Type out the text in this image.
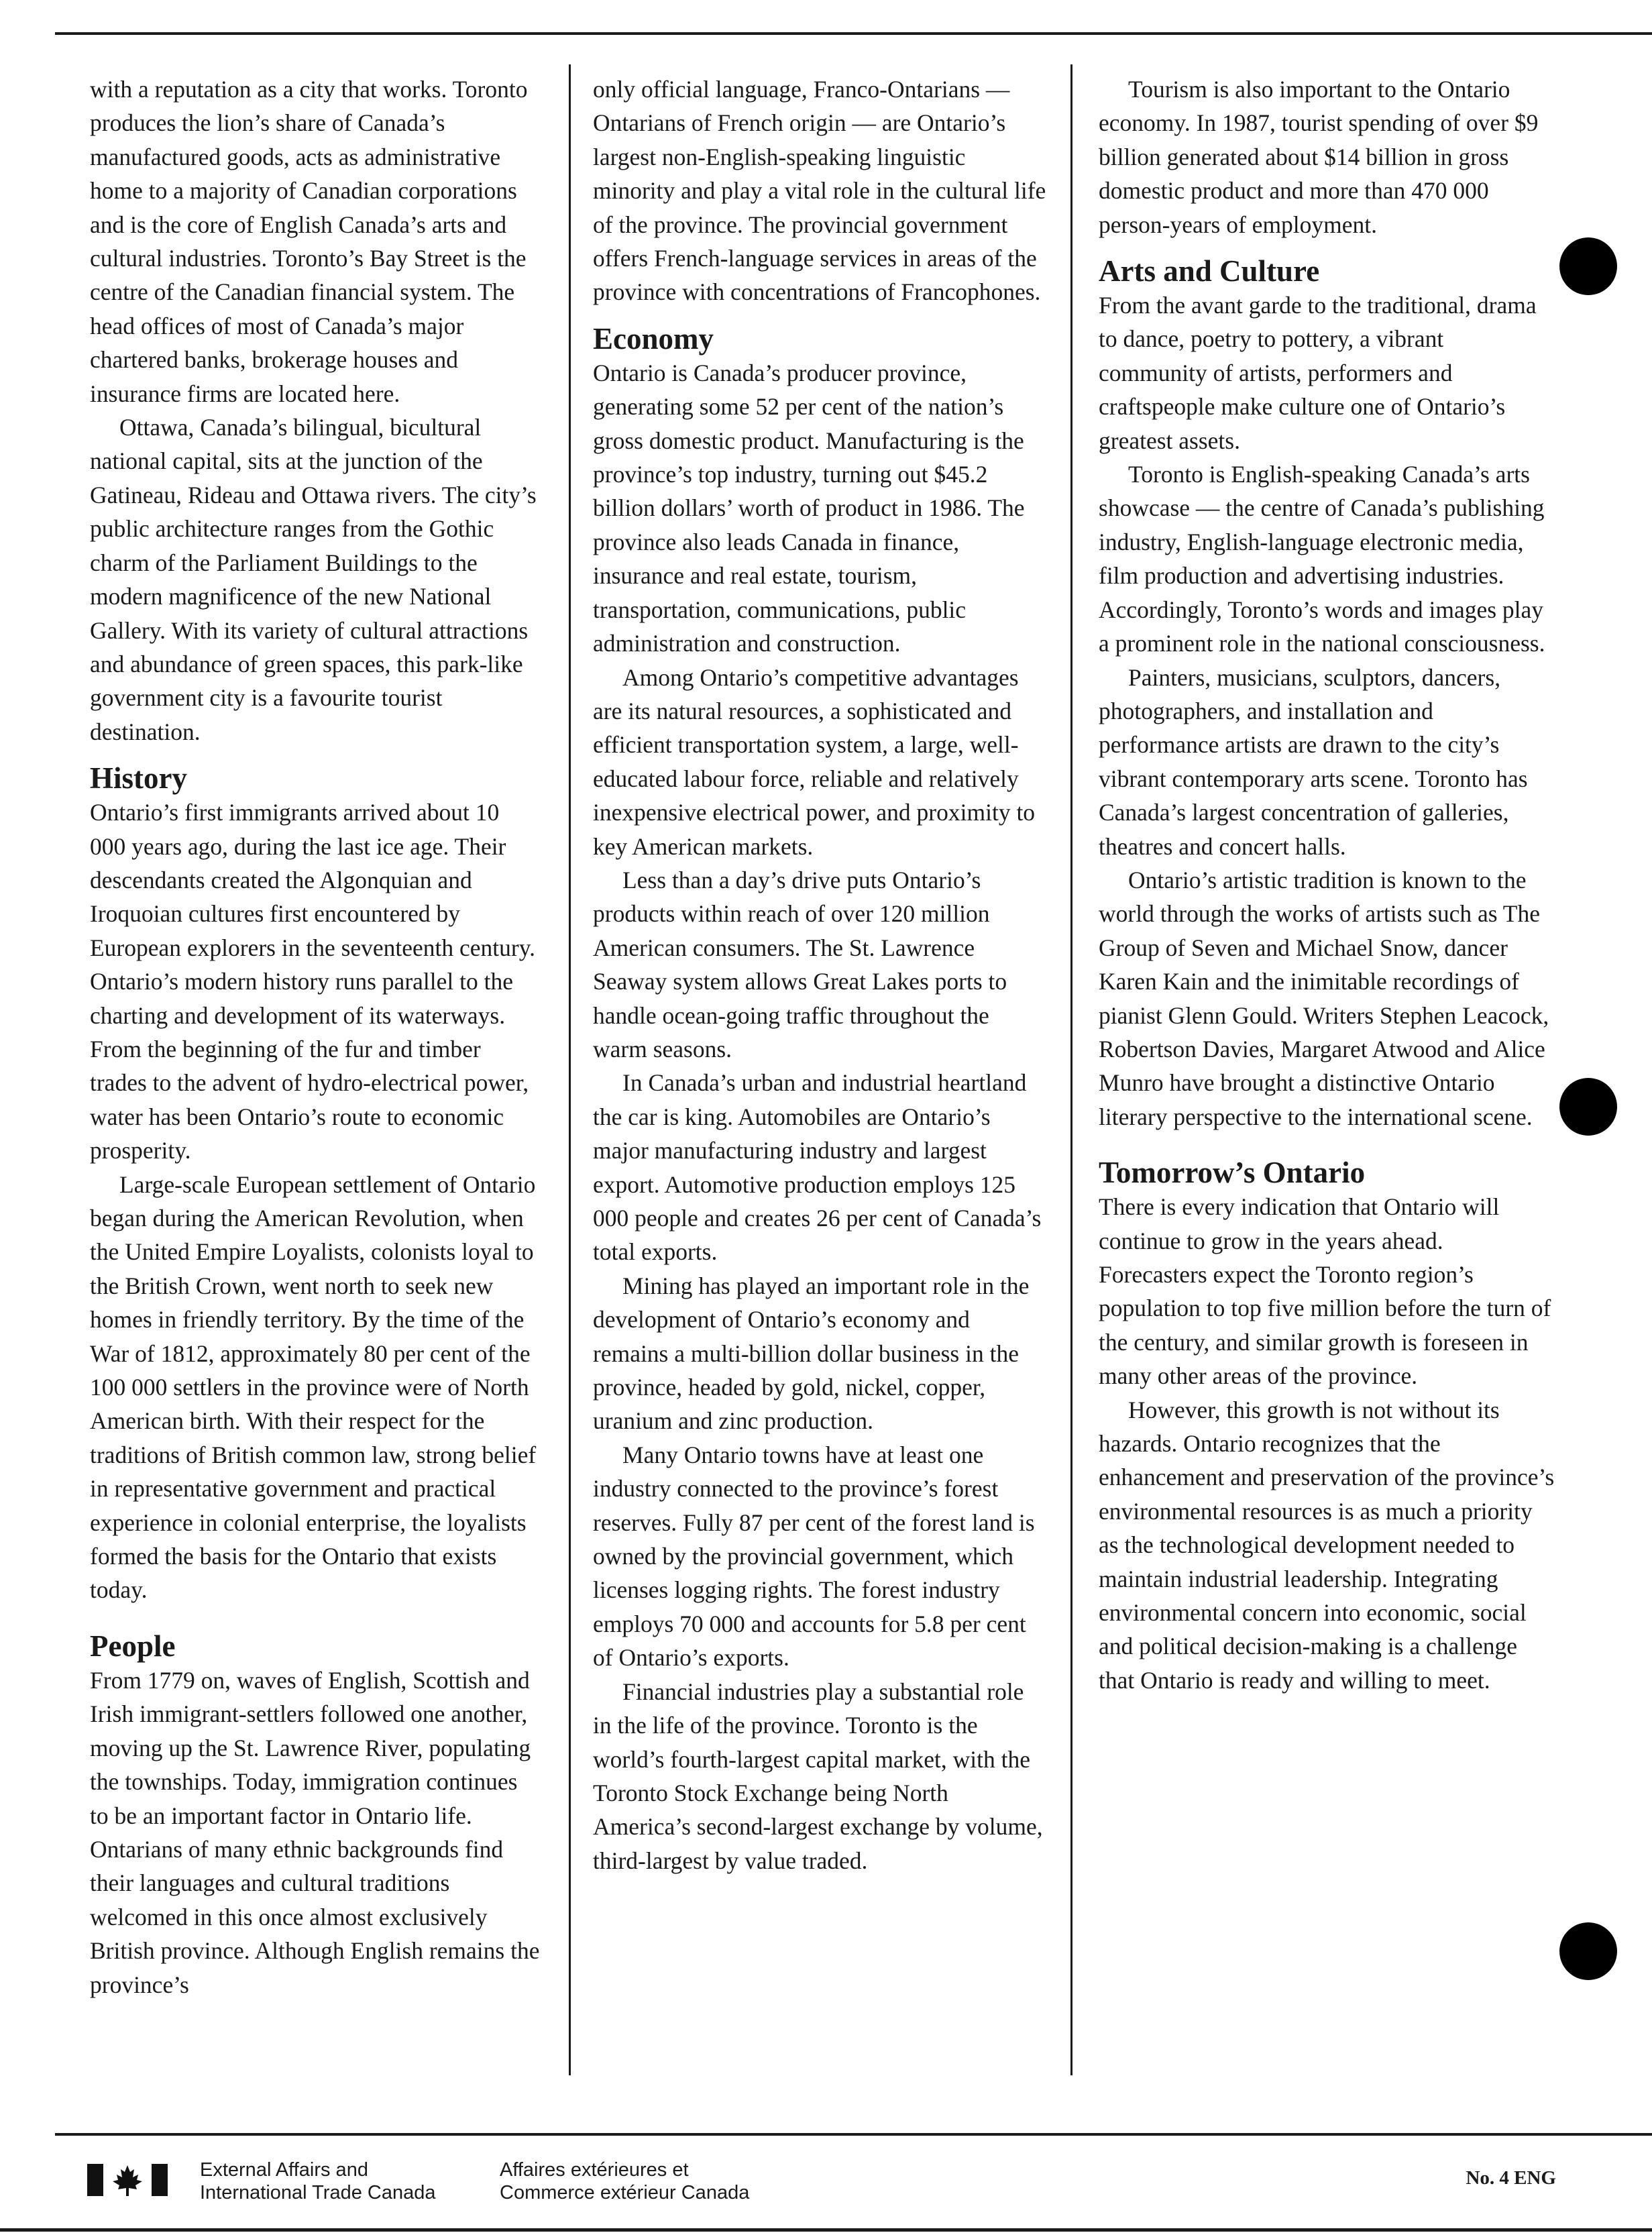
with a reputation as a city that works. Toronto produces the lion’s share of Canada’s manufactured goods, acts as administrative home to a majority of Canadian corporations and is the core of English Canada’s arts and cultural industries. Toronto’s Bay Street is the centre of the Canadian financial system. The head offices of most of Canada’s major chartered banks, brokerage houses and insurance firms are located here.

Ottawa, Canada’s bilingual, bicultural national capital, sits at the junction of the Gatineau, Rideau and Ottawa rivers. The city’s public architecture ranges from the Gothic charm of the Parliament Buildings to the modern magnificence of the new National Gallery. With its variety of cultural attractions and abundance of green spaces, this park-like government city is a favourite tourist destination.

History

Ontario’s first immigrants arrived about 10 000 years ago, during the last ice age. Their descendants created the Algonquian and Iroquoian cultures first encountered by European explorers in the seventeenth century. Ontario’s modern history runs parallel to the charting and development of its waterways. From the beginning of the fur and timber trades to the advent of hydro-electrical power, water has been Ontario’s route to economic prosperity.

Large-scale European settlement of Ontario began during the American Revolution, when the United Empire Loyalists, colonists loyal to the British Crown, went north to seek new homes in friendly territory. By the time of the War of 1812, approximately 80 per cent of the 100 000 settlers in the province were of North American birth. With their respect for the traditions of British common law, strong belief in representative government and practical experience in colonial enterprise, the loyalists formed the basis for the Ontario that exists today.

People

From 1779 on, waves of English, Scottish and Irish immigrant-settlers followed one another, moving up the St. Lawrence River, populating the townships. Today, immigration continues to be an important factor in Ontario life. Ontarians of many ethnic backgrounds find their languages and cultural traditions welcomed in this once almost exclusively British province. Although English remains the province’s

only official language, Franco-Ontarians — Ontarians of French origin — are Ontario’s largest non-English-speaking linguistic minority and play a vital role in the cultural life of the province. The provincial government offers French-language services in areas of the province with concentrations of Francophones.

Economy

Ontario is Canada’s producer province, generating some 52 per cent of the nation’s gross domestic product. Manufacturing is the province’s top industry, turning out $45.2 billion dollars’ worth of product in 1986. The province also leads Canada in finance, insurance and real estate, tourism, transportation, communications, public administration and construction.

Among Ontario’s competitive advantages are its natural resources, a sophisticated and efficient transportation system, a large, well-educated labour force, reliable and relatively inexpensive electrical power, and proximity to key American markets.

Less than a day’s drive puts Ontario’s products within reach of over 120 million American consumers. The St. Lawrence Seaway system allows Great Lakes ports to handle ocean-going traffic throughout the warm seasons.

In Canada’s urban and industrial heartland the car is king. Automobiles are Ontario’s major manufacturing industry and largest export. Automotive production employs 125 000 people and creates 26 per cent of Canada’s total exports.

Mining has played an important role in the development of Ontario’s economy and remains a multi-billion dollar business in the province, headed by gold, nickel, copper, uranium and zinc production.

Many Ontario towns have at least one industry connected to the province’s forest reserves. Fully 87 per cent of the forest land is owned by the provincial government, which licenses logging rights. The forest industry employs 70 000 and accounts for 5.8 per cent of Ontario’s exports.

Financial industries play a substantial role in the life of the province. Toronto is the world’s fourth-largest capital market, with the Toronto Stock Exchange being North America’s second-largest exchange by volume, third-largest by value traded.

Tourism is also important to the Ontario economy. In 1987, tourist spending of over $9 billion generated about $14 billion in gross domestic product and more than 470 000 person-years of employment.

Arts and Culture

From the avant garde to the traditional, drama to dance, poetry to pottery, a vibrant community of artists, performers and craftspeople make culture one of Ontario’s greatest assets.

Toronto is English-speaking Canada’s arts showcase — the centre of Canada’s publishing industry, English-language electronic media, film production and advertising industries. Accordingly, Toronto’s words and images play a prominent role in the national consciousness.

Painters, musicians, sculptors, dancers, photographers, and installation and performance artists are drawn to the city’s vibrant contemporary arts scene. Toronto has Canada’s largest concentration of galleries, theatres and concert halls.

Ontario’s artistic tradition is known to the world through the works of artists such as The Group of Seven and Michael Snow, dancer Karen Kain and the inimitable recordings of pianist Glenn Gould. Writers Stephen Leacock, Robertson Davies, Margaret Atwood and Alice Munro have brought a distinctive Ontario literary perspective to the international scene.

Tomorrow’s Ontario

There is every indication that Ontario will continue to grow in the years ahead. Forecasters expect the Toronto region’s population to top five million before the turn of the century, and similar growth is foreseen in many other areas of the province.

However, this growth is not without its hazards. Ontario recognizes that the enhancement and preservation of the province’s environmental resources is as much a priority as the technological development needed to maintain industrial leadership. Integrating environmental concern into economic, social and political decision-making is a challenge that Ontario is ready and willing to meet.

External Affairs and
International Trade Canada
Affaires extérieures et
Commerce extérieur Canada
No. 4 ENG
